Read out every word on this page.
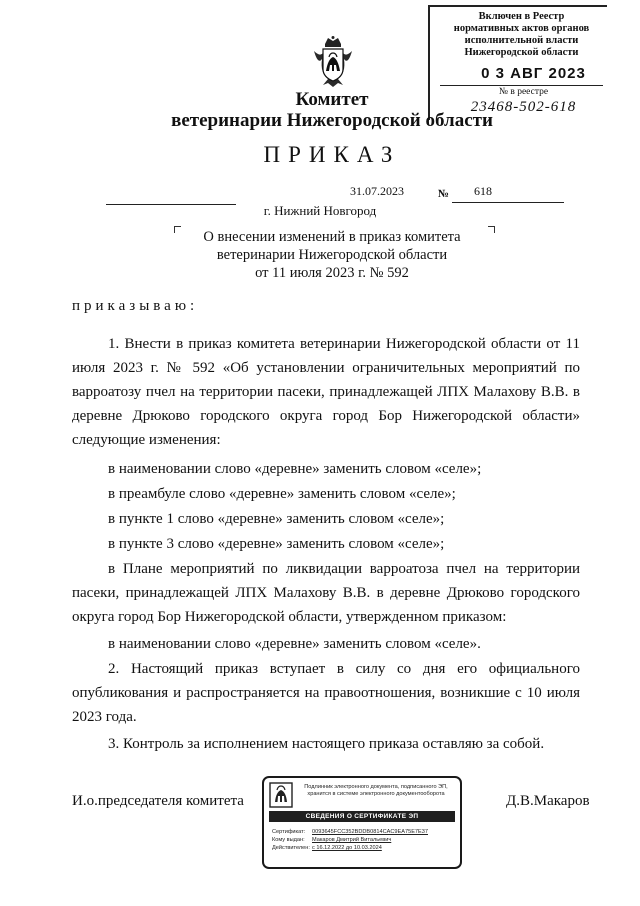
Включен в Реестр
нормативных актов органов
исполнительной власти
Нижегородской области
0 3 АВГ 2023
№ в реестре
23468-502-618
Комитет
ветеринарии Нижегородской области
ПРИКАЗ
31.07.2023	№ 618
г. Нижний Новгород
О внесении изменений в приказ комитета
ветеринарии Нижегородской области
от 11 июля 2023 г. № 592
приказываю:
1. Внести в приказ комитета ветеринарии Нижегородской области от 11 июля 2023 г. № 592 «Об установлении ограничительных мероприятий по варроатозу пчел на территории пасеки, принадлежащей ЛПХ Малахову В.В. в деревне Дрюково городского округа город Бор Нижегородской области» следующие изменения:
в наименовании слово «деревне» заменить словом «селе»;
в преамбуле слово «деревне» заменить словом «селе»;
в пункте 1 слово «деревне» заменить словом «селе»;
в пункте 3 слово «деревне» заменить словом «селе»;
в Плане мероприятий по ликвидации варроатоза пчел на территории пасеки, принадлежащей ЛПХ Малахову В.В. в деревне Дрюково городского округа город Бор Нижегородской области, утвержденном приказом:
в наименовании слово «деревне» заменить словом «селе».
2. Настоящий приказ вступает в силу со дня его официального опубликования и распространяется на правоотношения, возникшие с 10 июля 2023 года.
3. Контроль за исполнением настоящего приказа оставляю за собой.
И.о.председателя комитета	Д.В.Макаров
Подлинник электронного документа, подписанного ЭП,
хранится в системе электронного документооборота
СВЕДЕНИЯ О СЕРТИФИКАТЕ ЭП
Сертификат: 0093645FCC352BDDB0814CAC9EA75E7E37
Кому выдан: Макаров Дмитрий Витальевич
Действителен: с 16.12.2022 до 10.03.2024
